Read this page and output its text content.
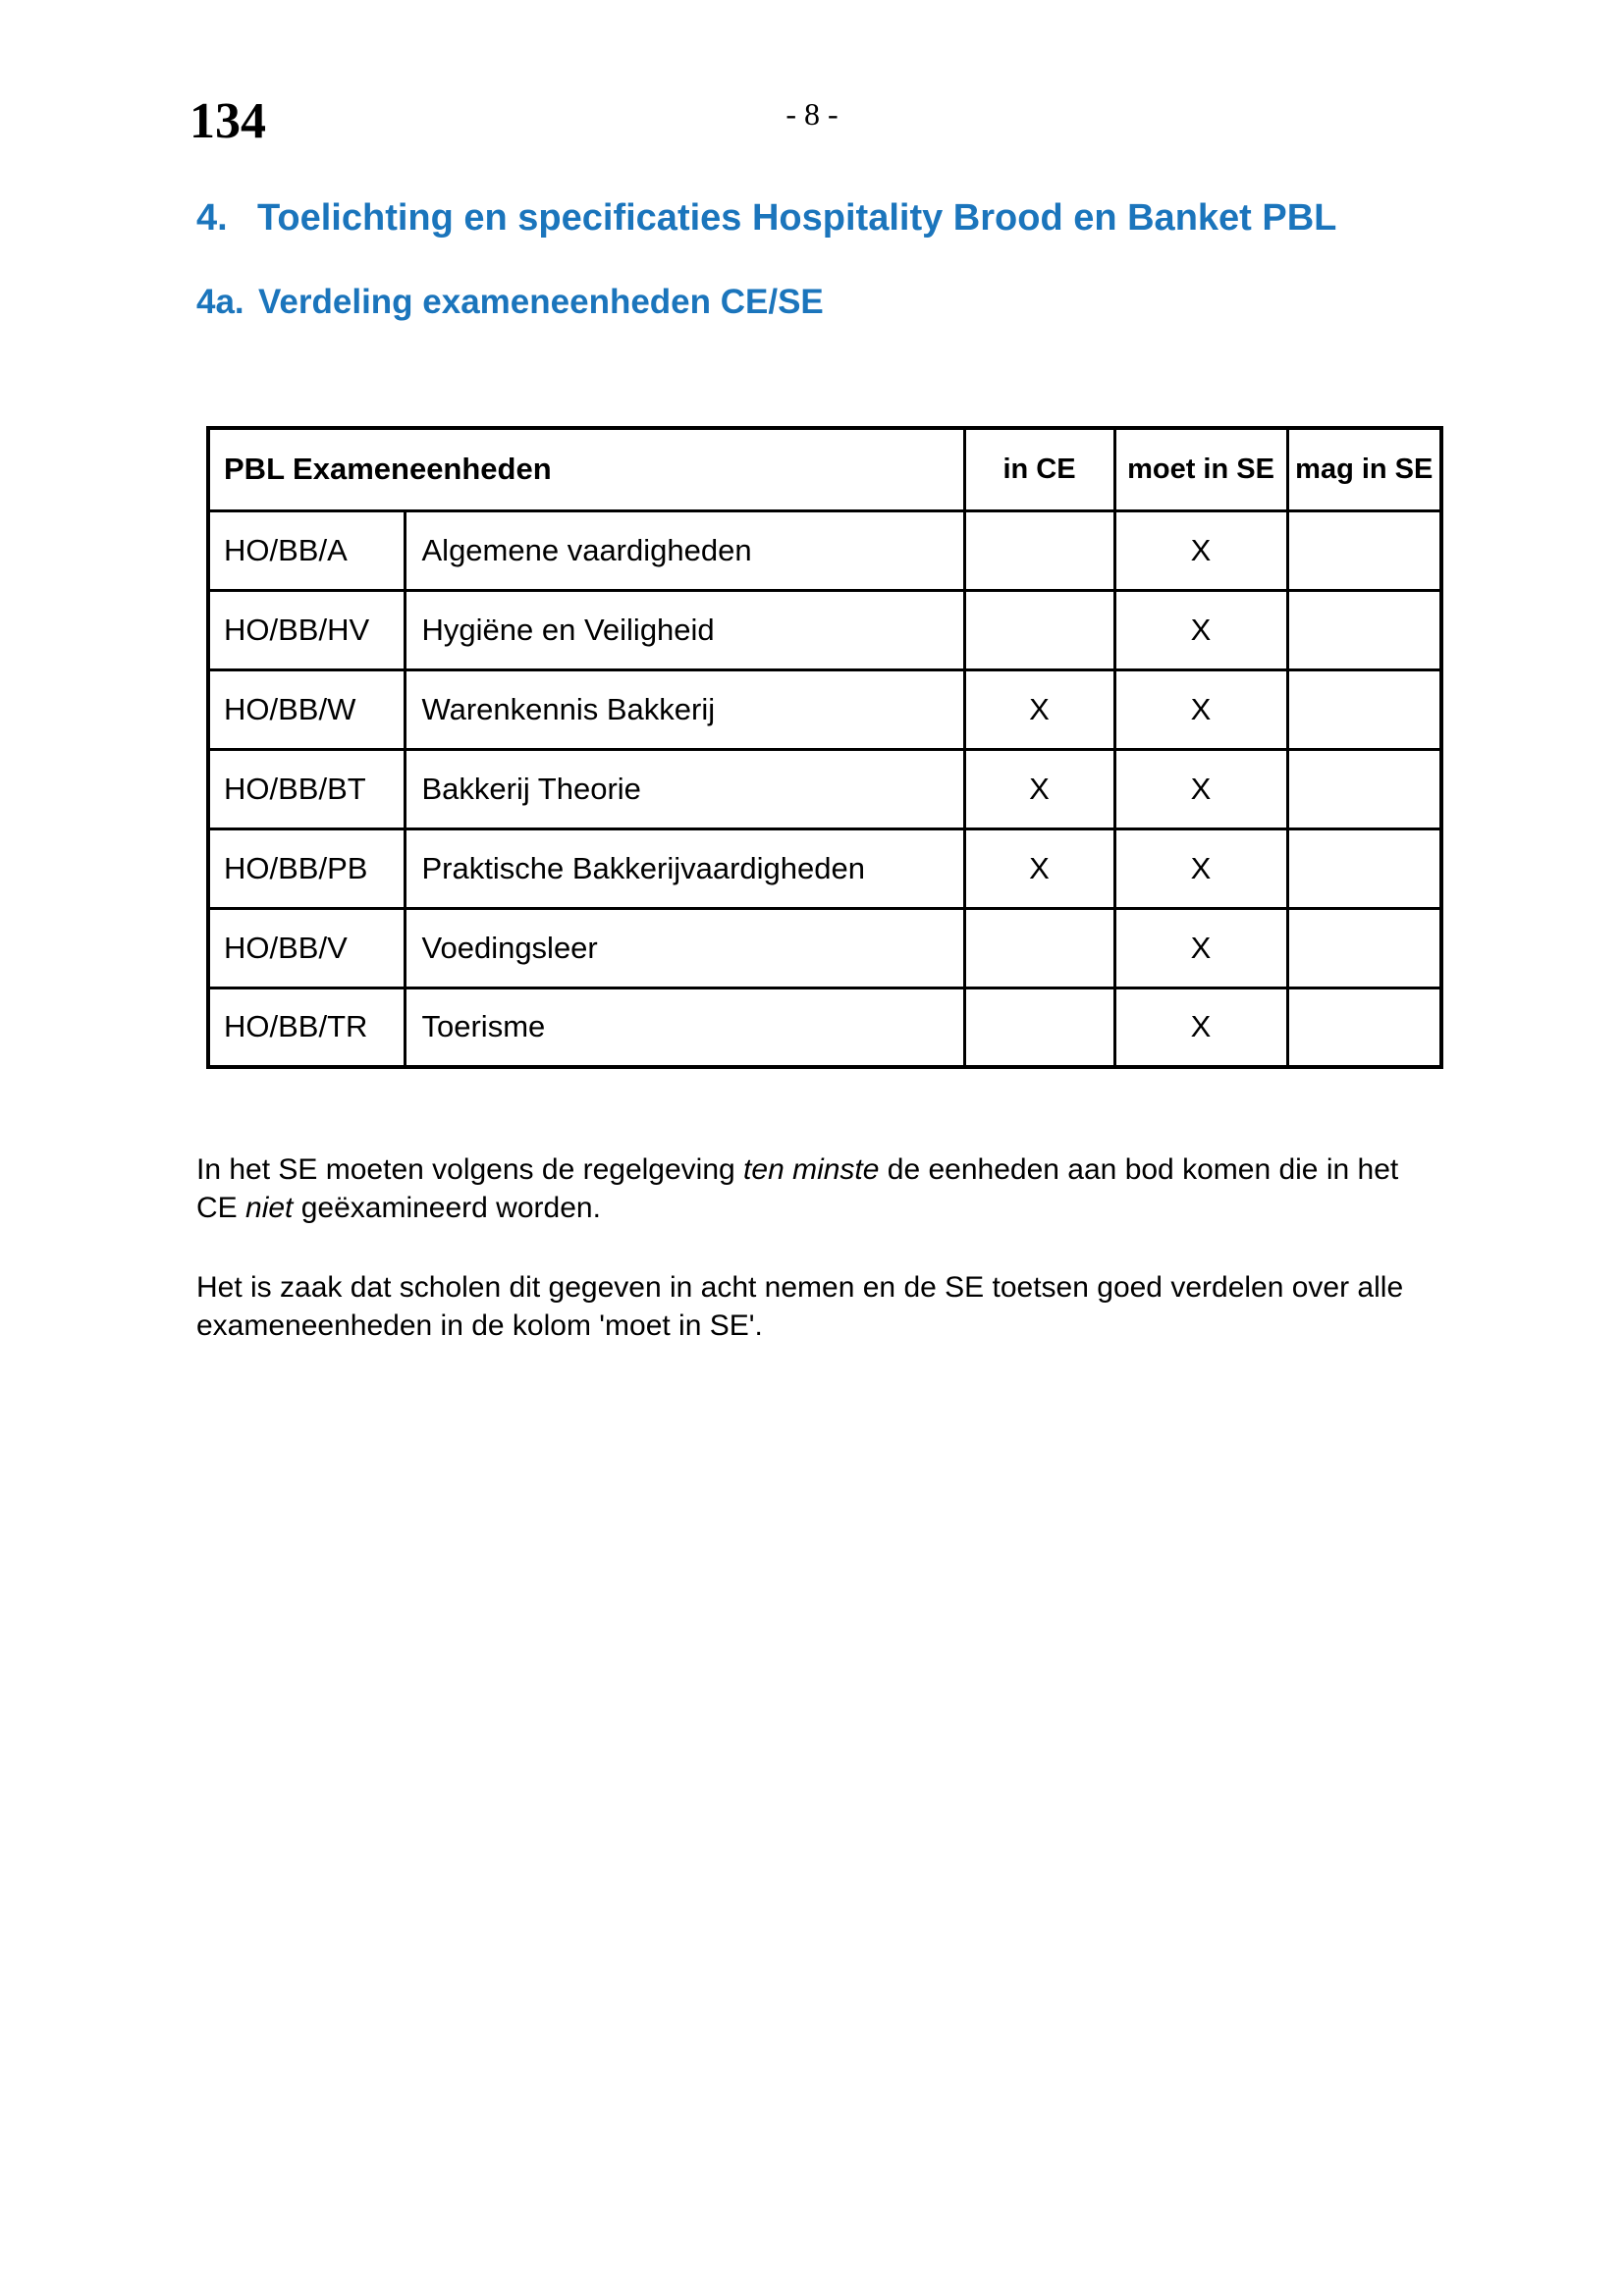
134	- 8 -
4. Toelichting en specificaties Hospitality Brood en Banket PBL
4a. Verdeling exameneenheden CE/SE
PBL Exameneenheden		in CE	moet in SE	mag in SE
HO/BB/A	Algemene vaardigheden		X	
HO/BB/HV	Hygiëne en Veiligheid		X	
HO/BB/W	Warenkennis Bakkerij	X	X	
HO/BB/BT	Bakkerij Theorie	X	X	
HO/BB/PB	Praktische Bakkerijvaardigheden	X	X	
HO/BB/V	Voedingsleer		X	
HO/BB/TR	Toerisme		X	
In het SE moeten volgens de regelgeving ten minste de eenheden aan bod komen die in het
CE niet geëxamineerd worden.
Het is zaak dat scholen dit gegeven in acht nemen en de SE toetsen goed verdelen over alle
exameneenheden in de kolom 'moet in SE'.
